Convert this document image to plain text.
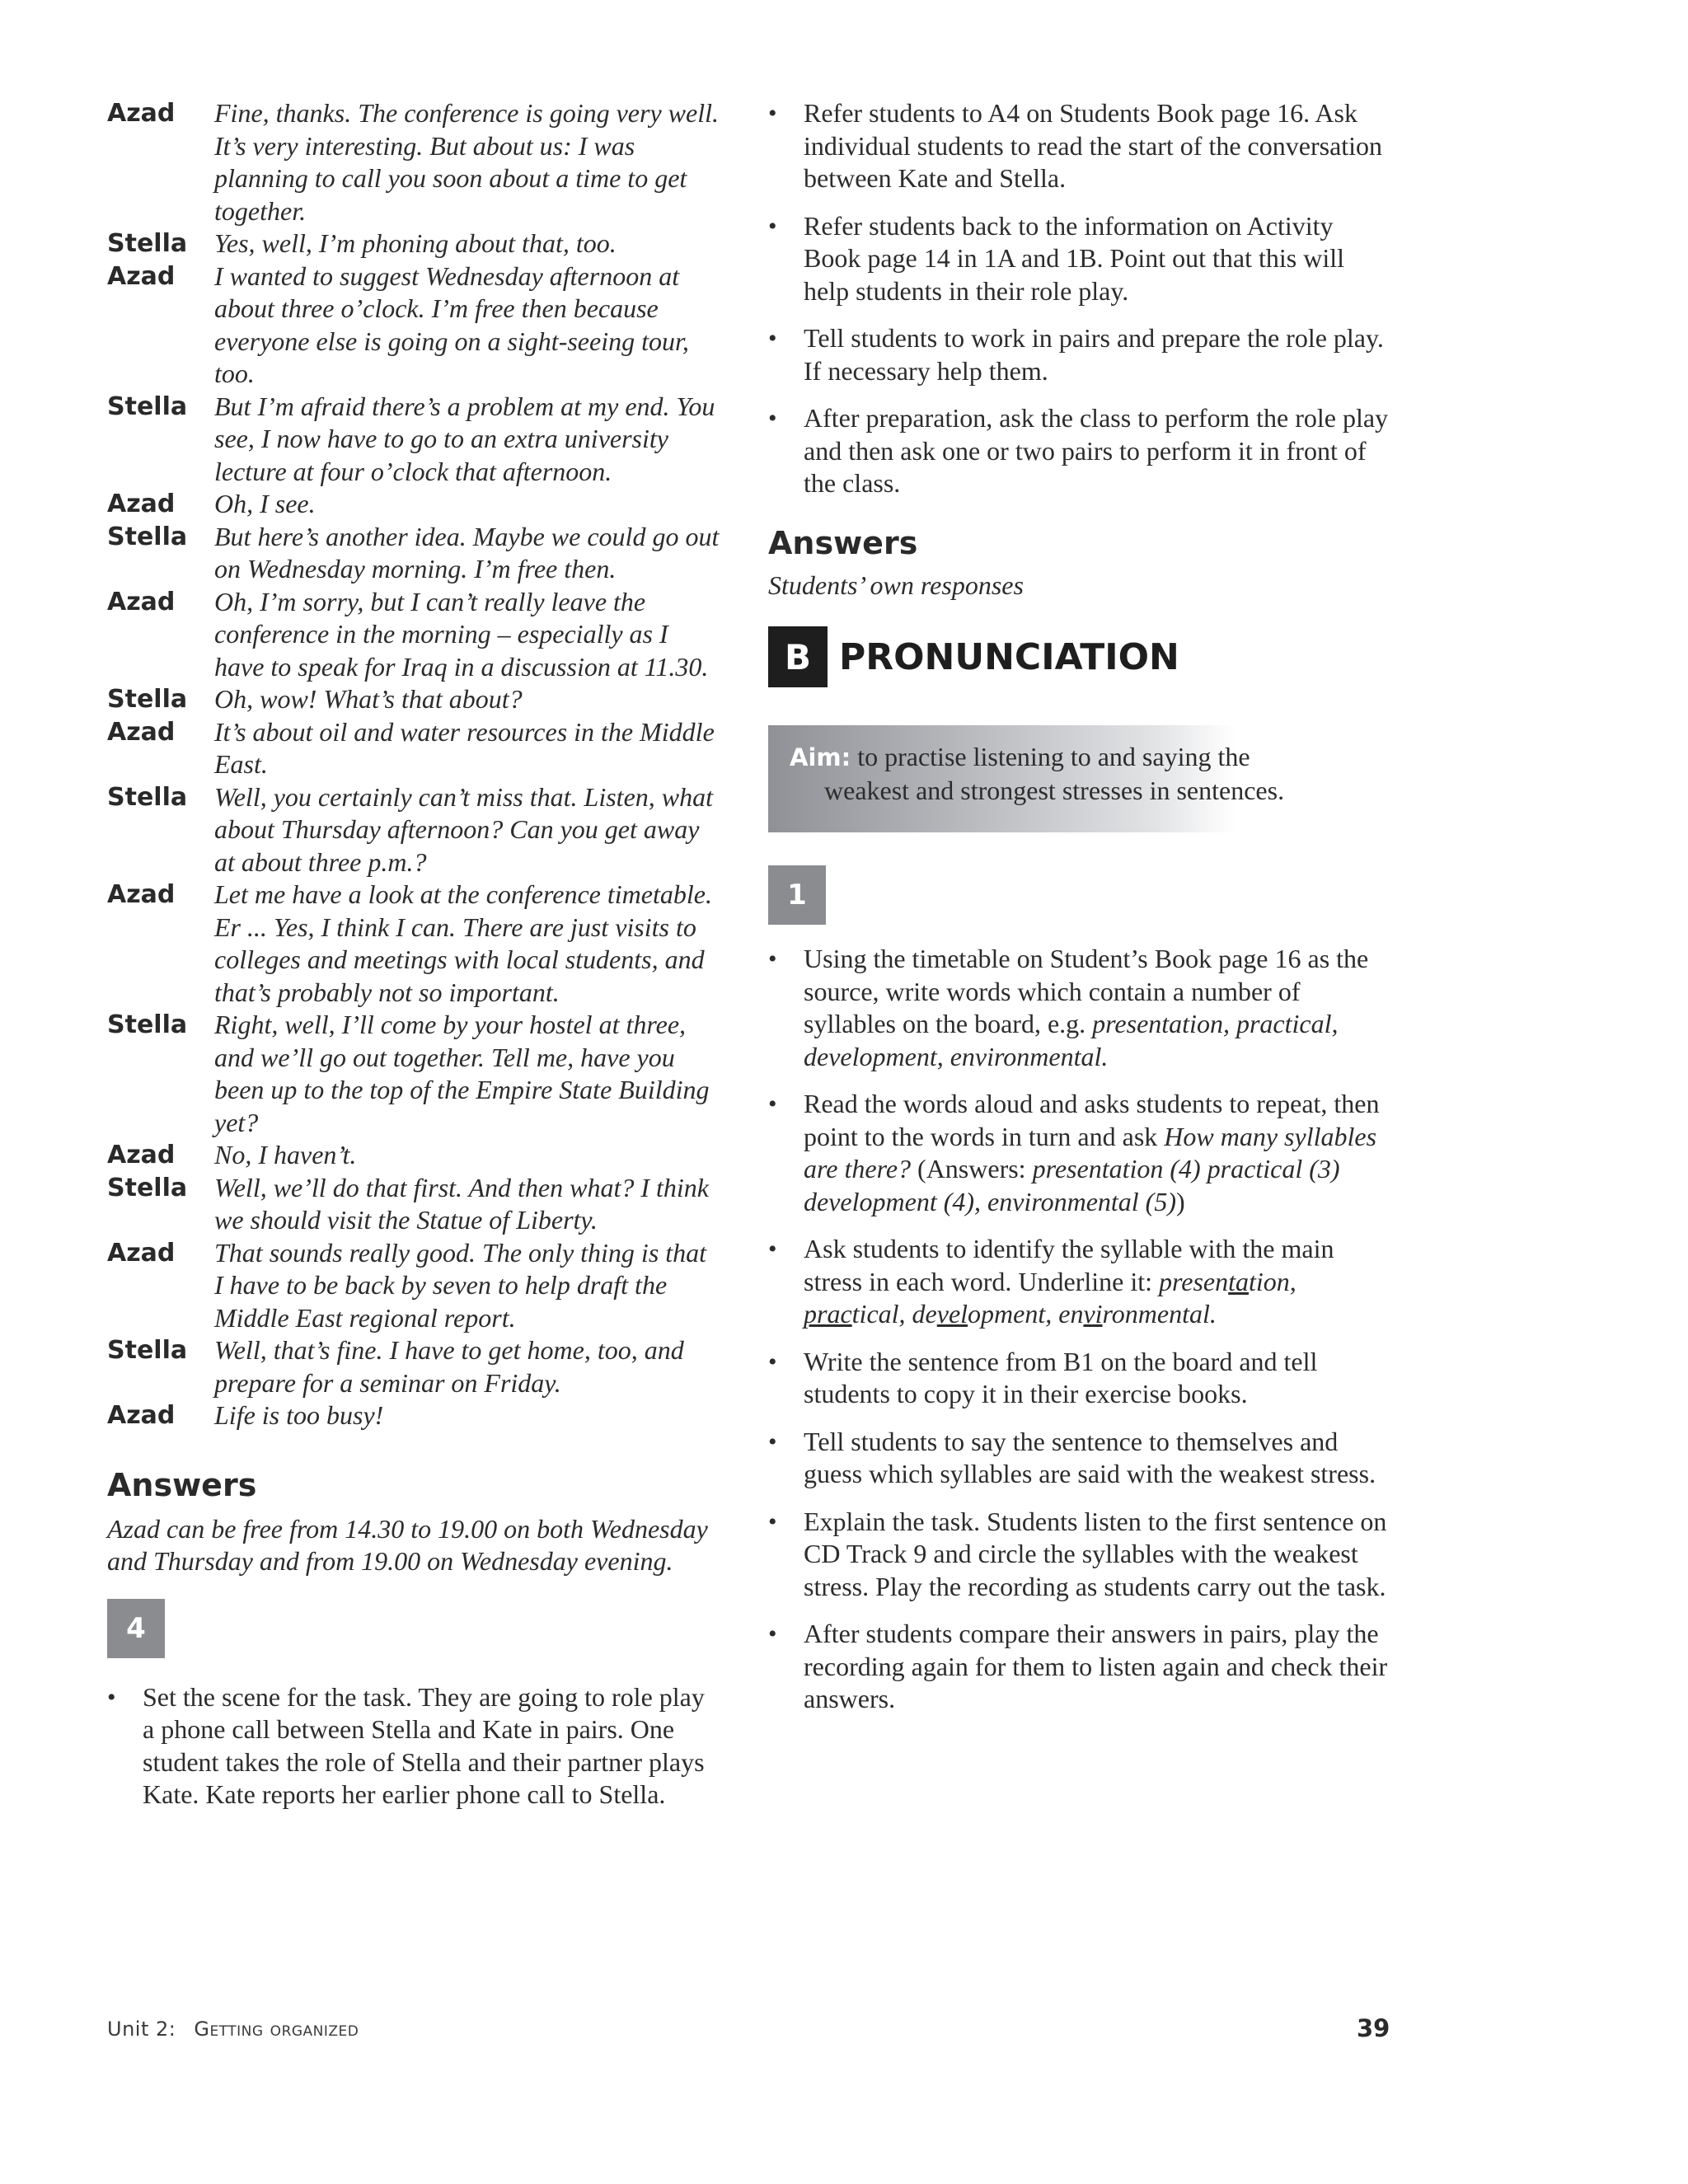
Azad	Fine, thanks. The conference is going very well. It’s very interesting. But about us: I was planning to call you soon about a time to get together.
Stella	Yes, well, I’m phoning about that, too.
Azad	I wanted to suggest Wednesday afternoon at about three o’clock. I’m free then because everyone else is going on a sight-seeing tour, too.
Stella	But I’m afraid there’s a problem at my end. You see, I now have to go to an extra university lecture at four o’clock that afternoon.
Azad	Oh, I see.
Stella	But here’s another idea. Maybe we could go out on Wednesday morning. I’m free then.
Azad	Oh, I’m sorry, but I can’t really leave the conference in the morning – especially as I have to speak for Iraq in a discussion at 11.30.
Stella	Oh, wow! What’s that about?
Azad	It’s about oil and water resources in the Middle East.
Stella	Well, you certainly can’t miss that. Listen, what about Thursday afternoon? Can you get away at about three p.m.?
Azad	Let me have a look at the conference timetable. Er ... Yes, I think I can. There are just visits to colleges and meetings with local students, and that’s probably not so important.
Stella	Right, well, I’ll come by your hostel at three, and we’ll go out together. Tell me, have you been up to the top of the Empire State Building yet?
Azad	No, I haven’t.
Stella	Well, we’ll do that first. And then what? I think we should visit the Statue of Liberty.
Azad	That sounds really good. The only thing is that I have to be back by seven to help draft the Middle East regional report.
Stella	Well, that’s fine. I have to get home, too, and prepare for a seminar on Friday.
Azad	Life is too busy!
Answers

Azad can be free from 14.30 to 19.00 on both Wednesday and Thursday and from 19.00 on Wednesday evening.

4
• Set the scene for the task. They are going to role play a phone call between Stella and Kate in pairs. One student takes the role of Stella and their partner plays Kate. Kate reports her earlier phone call to Stella.
• Refer students to A4 on Students Book page 16. Ask individual students to read the start of the conversation between Kate and Stella.
• Refer students back to the information on Activity Book page 14 in 1A and 1B. Point out that this will help students in their role play.
• Tell students to work in pairs and prepare the role play. If necessary help them.
• After preparation, ask the class to perform the role play and then ask one or two pairs to perform it in front of the class.
Answers

Students’ own responses

B PRONUNCIATION
Aim: to practise listening to and saying the
weakest and strongest stresses in sentences.
1
• Using the timetable on Student’s Book page 16 as the source, write words which contain a number of syllables on the board, e.g. presentation, practical, development, environmental.
• Read the words aloud and asks students to repeat, then point to the words in turn and ask How many syllables are there? (Answers: presentation (4) practical (3) development (4), environmental (5))
• Ask students to identify the syllable with the main stress in each word. Underline it: presentation, practical, development, environmental.
• Write the sentence from B1 on the board and tell students to copy it in their exercise books.
• Tell students to say the sentence to themselves and guess which syllables are said with the weakest stress.
• Explain the task. Students listen to the first sentence on CD Track 9 and circle the syllables with the weakest stress. Play the recording as students carry out the task.
• After students compare their answers in pairs, play the recording again for them to listen again and check their answers.
Unit 2: Getting organized	39
